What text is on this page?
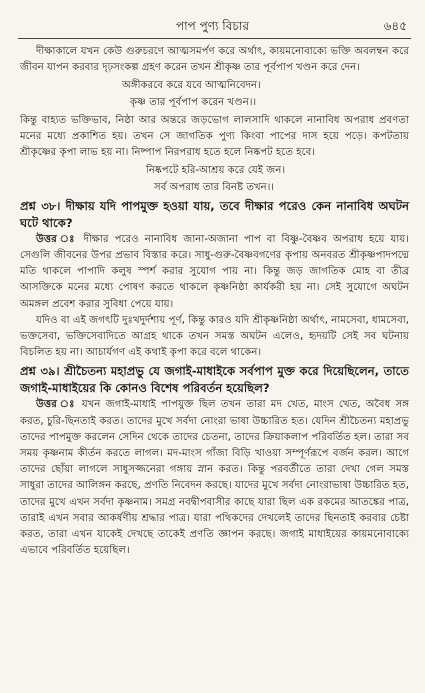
পাপ পুণ্য বিচার	৬৪৫

দীক্ষাকালে যখন কেউ গুরুচরণে আত্মসমর্পণ করে অর্থাৎ, কায়মনোবাক্যে ভক্তি অবলম্বন করে জীবন যাপন করবার দৃঢ়সংকল্প গ্রহণ করেন তখন শ্রীকৃষ্ণ তার পূর্বপাপ খণ্ডন করে দেন।

অঙ্গীকরবে করে যবে আত্মনিবেদন।
কৃষ্ণ তার পূর্বপাপ করেন খণ্ডন।।

কিন্তু বাহ্যত ভক্তিভাব, নিষ্ঠা আর অন্তরে জড়ভোগ লালসাদি থাকলে নানাবিধ অপরাধ প্রবণতা মনের মধ্যে প্রকাশিত হয়। তখন সে জাগতিক পুণ্য কিংবা পাপের দাস হয়ে পড়ে। কপটতায় শ্রীকৃষ্ণের কৃপা লাভ হয় না। নিষ্পাপ নিরপরাধ হতে হলে নিষ্কপট হতে হবে।

নিষ্কপটে হরি-আশ্রয় করে যেই জন।
সর্ব অপরাধ তার বিনষ্ট তখন।।

প্রশ্ন ৩৮। দীক্ষায় যদি পাপমুক্ত হওয়া যায়, তবে দীক্ষার পরেও কেন নানাবিধ অঘটন ঘটে থাকে?

উত্তর ঃ দীক্ষার পরেও নানাবিধ জানা-অজানা পাপ বা বিষ্ণু-বৈষ্ণব অপরাধ হয়ে যায়। সেগুলি জীবনের উপর প্রভাব বিস্তার করে। সাধু-গুরু-বৈষ্ণবগণের কৃপায় অনবরত শ্রীকৃষ্ণপাদপদ্মে মতি থাকলে পাপাদি কলুষ স্পর্শ করার সুযোগ পায় না। কিন্তু জড় জাগতিক মোহ বা তীব্র আসক্তিকে মনের মধ্যে পোষণ করতে থাকলে কৃষ্ণনিষ্ঠা কার্যকরী হয় না। সেই সুযোগে অঘটন অমঙ্গল প্রবেশ করার সুবিধা পেয়ে যায়।

যদিও বা এই জগৎটি দুঃখদুর্দশায় পূর্ণ, কিন্তু কারও যদি শ্রীকৃষ্ণনিষ্ঠা অর্থাৎ, নামসেবা, ধামসেবা, ভক্তসেবা, ভক্তিসেবাদিতে আগ্রহ থাকে তখন সমস্ত অঘটন এলেও, হৃদয়টি সেই সব ঘটনায় বিচলিত হয় না। আচার্যগণ এই কথাই কৃপা করে বলে থাকেন।

প্রশ্ন ৩৯। শ্রীচৈতন্য মহাপ্রভু যে জগাই-মাধাইকে সর্বপাপ মুক্ত করে দিয়েছিলেন, তাতে জগাই-মাধাইয়ের কি কোনও বিশেষ পরিবর্তন হয়েছিল?

উত্তর ঃ যখন জগাই-মাধাই পাপযুক্ত ছিল তখন তারা মদ খেত, মাংস খেত, অবৈধ সঙ্গ করত, চুরি-ছিনতাই করত। তাদের মুখে সর্বদা নোংরা ভাষা উচ্চারিত হত। যেদিন শ্রীচৈতন্য মহাপ্রভু তাদের পাপমুক্ত করলেন সেদিন থেকে তাদের চেতনা, তাদের ক্রিয়াকলাপ পরিবর্তিত হল। তারা সব সময় কৃষ্ণনাম কীর্তন করতে লাগল। মদ-মাংস গাঁজা বিড়ি খাওয়া সম্পূর্ণরূপে বর্জন করল। আগে তাদের ছোঁয়া লাগলে সাধুসজ্জনেরা গঙ্গায় স্নান করত। কিন্তু পরবর্তীতে তারা দেখা গেল সমস্ত সাধুরা তাদের আলিঙ্গন করছে, প্রণতি নিবেদন করছে। যাদের মুখে সর্বদা নোংরাভাষা উচ্চারিত হত, তাদের মুখে এখন সর্বদা কৃষ্ণনাম। সমগ্র নবদ্বীপবাসীর কাছে যারা ছিল এক রকমের আতঙ্কের পাত্র, তারাই এখন সবার আকর্ষণীয় শ্রদ্ধার পাত্র। যারা পথিকদের দেখলেই তাদের ছিনতাই করবার চেষ্টা করত, তারা এখন যাকেই দেখছে তাকেই প্রণতি জ্ঞাপন করছে। জগাই মাধাইয়ের কায়মনোবাক্যে এভাবে পরিবর্তিত হয়েছিল।
